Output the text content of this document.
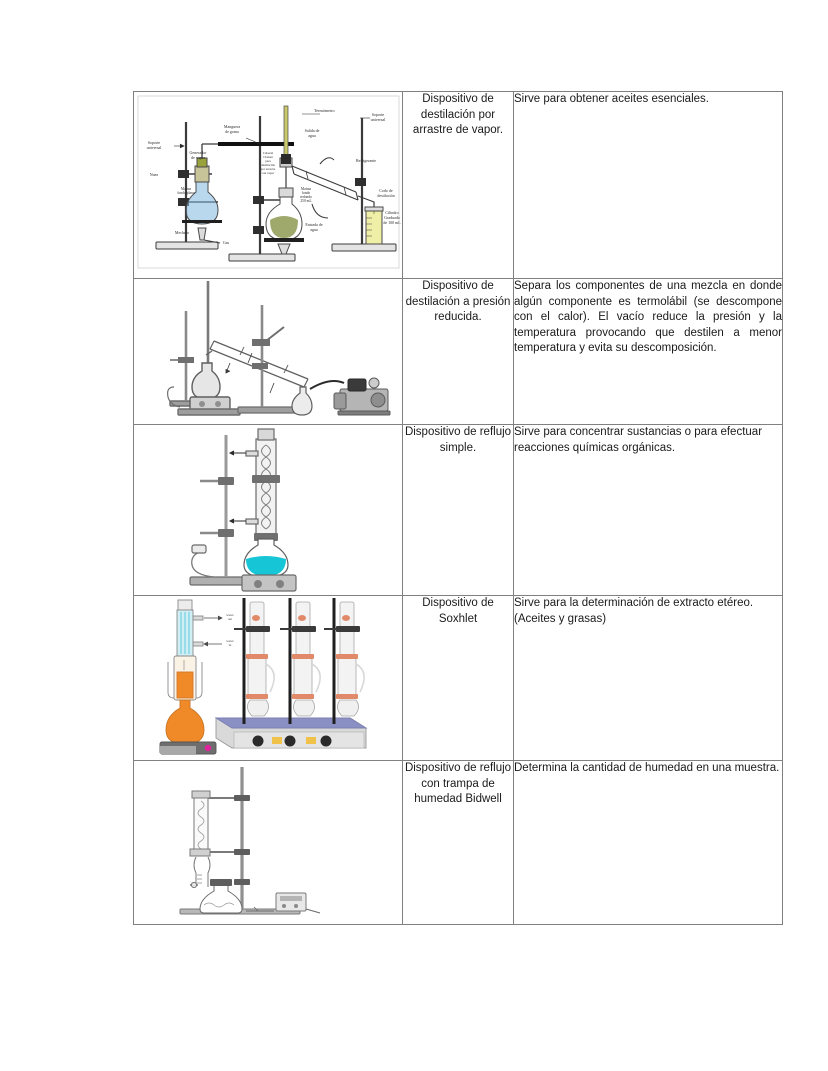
Soporte
universal
Nuez
Generador
de vapor
Matraz
fondo plano
Mechero
Gas
Manguera
de goma
Cabezal
Claisen
para
destilación
por arrastre
con vapor
Termómetro
Salida de
agua
Soporte
universal
Refrigerante
Codo de
destilación
Matraz
fondo
redondo
250 mL
Entrada de
agua
Cilindro
Graduado
de 100 mL
	Dispositivo de destilación por arrastre de vapor.	Sirve para obtener aceites esenciales.

	Dispositivo de destilación a presión reducida.	Separa los componentes de una mezcla en donde algún componente es termolábil (se descompone con el calor). El vacío reduce la presión y la temperatura provocando que destilen a menor temperatura y evita su descomposición.

	Dispositivo de reflujo simple.	Sirve para concentrar sustancias o para efectuar reacciones químicas orgánicas.

water
out
water
in	Dispositivo de Soxhlet	Sirve para la determinación de extracto etéreo. (Aceites y grasas)

	Dispositivo de reflujo con trampa de humedad Bidwell	Determina la cantidad de humedad en una muestra.
